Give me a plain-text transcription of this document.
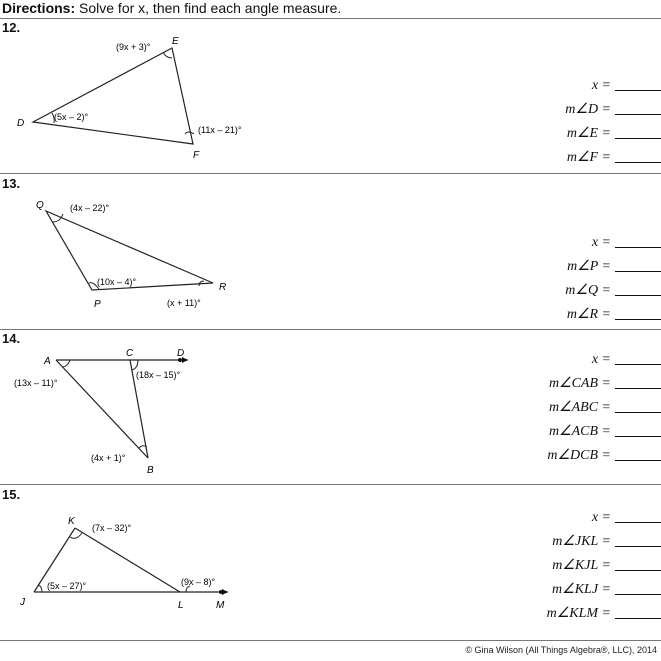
Directions: Solve for x, then find each angle measure.
12.
E
D
F
(9x + 3)°
(5x – 2)°
(11x – 21)°
Q
P
R
(4x – 22)°
(10x – 4)°
(x + 11)°
A
C	D
B
(13x – 11)°
(18x – 15)°
(4x + 1)°
K
J	L	M
(7x – 32)°
(5x – 27)°	(9x – 8)°
x =
m∠D =
m∠E =
m∠F =
13.
x =
m∠P =
m∠Q =
m∠R =
14.
x =
m∠CAB =
m∠ABC =
m∠ACB =
m∠DCB =
15.
x =
m∠JKL =
m∠KJL =
m∠KLJ =
m∠KLM =
© Gina Wilson (All Things Algebra®, LLC), 2014
